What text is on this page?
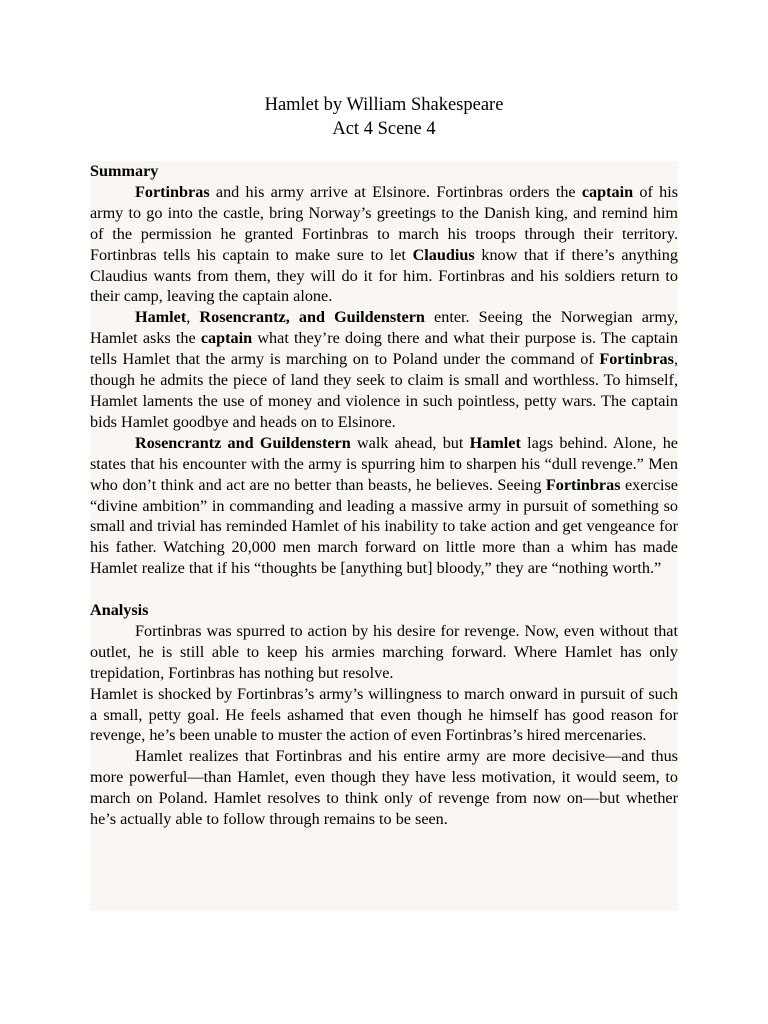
Hamlet by William Shakespeare
Act 4 Scene 4

Summary

Fortinbras and his army arrive at Elsinore. Fortinbras orders the captain of his army to go into the castle, bring Norway’s greetings to the Danish king, and remind him of the permission he granted Fortinbras to march his troops through their territory. Fortinbras tells his captain to make sure to let Claudius know that if there’s anything Claudius wants from them, they will do it for him. Fortinbras and his soldiers return to their camp, leaving the captain alone.

Hamlet, Rosencrantz, and Guildenstern enter. Seeing the Norwegian army, Hamlet asks the captain what they’re doing there and what their purpose is. The captain tells Hamlet that the army is marching on to Poland under the command of Fortinbras, though he admits the piece of land they seek to claim is small and worthless. To himself, Hamlet laments the use of money and violence in such pointless, petty wars. The captain bids Hamlet goodbye and heads on to Elsinore.

Rosencrantz and Guildenstern walk ahead, but Hamlet lags behind. Alone, he states that his encounter with the army is spurring him to sharpen his “dull revenge.” Men who don’t think and act are no better than beasts, he believes. Seeing Fortinbras exercise “divine ambition” in commanding and leading a massive army in pursuit of something so small and trivial has reminded Hamlet of his inability to take action and get vengeance for his father. Watching 20,000 men march forward on little more than a whim has made Hamlet realize that if his “thoughts be [anything but] bloody,” they are “nothing worth.”

Analysis

Fortinbras was spurred to action by his desire for revenge. Now, even without that outlet, he is still able to keep his armies marching forward. Where Hamlet has only trepidation, Fortinbras has nothing but resolve.

Hamlet is shocked by Fortinbras’s army’s willingness to march onward in pursuit of such a small, petty goal. He feels ashamed that even though he himself has good reason for revenge, he’s been unable to muster the action of even Fortinbras’s hired mercenaries.

Hamlet realizes that Fortinbras and his entire army are more decisive—and thus more powerful—than Hamlet, even though they have less motivation, it would seem, to march on Poland. Hamlet resolves to think only of revenge from now on—but whether he’s actually able to follow through remains to be seen.
